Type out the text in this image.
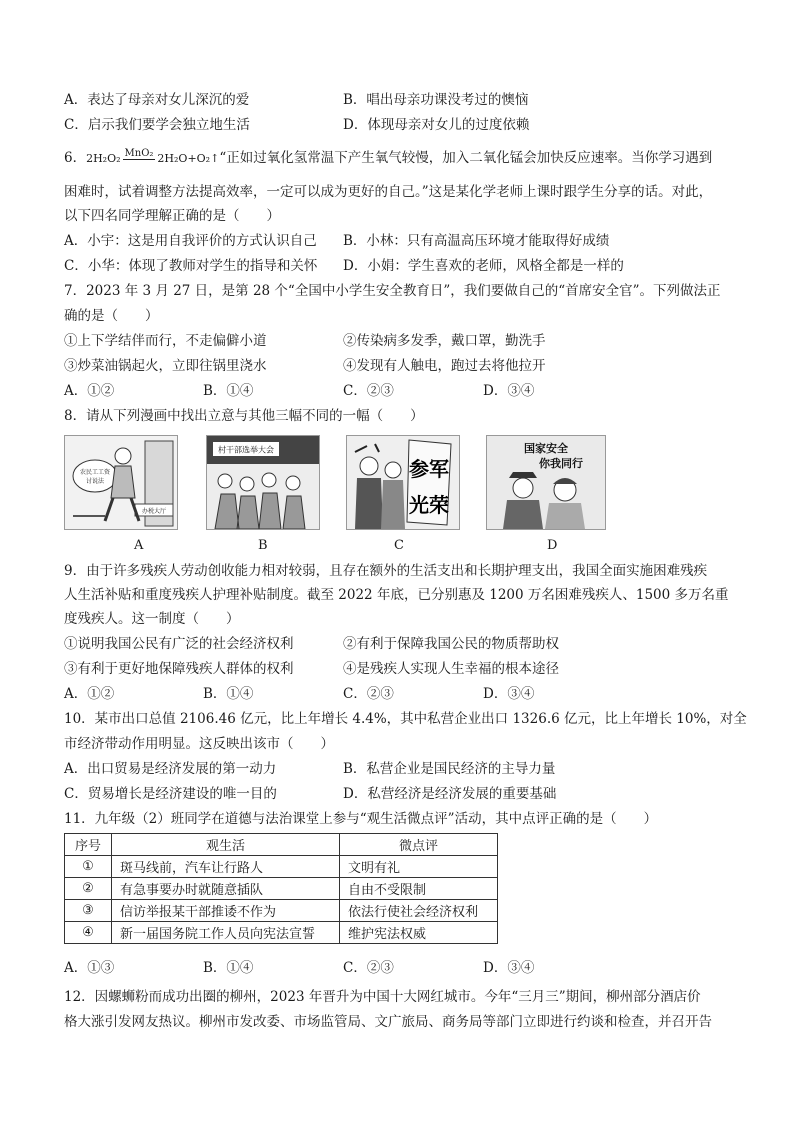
A．表达了母亲对女儿深沉的爱	B．唱出母亲功课没考过的懊恼
C．启示我们要学会独立地生活	D．体现母亲对女儿的过度依赖
6．2H₂O₂ MnO₂ 2H₂O+O₂↑“正如过氧化氢常温下产生氧气较慢，加入二氧化锰会加快反应速率。当你学习遇到
困难时，试着调整方法提高效率，一定可以成为更好的自己。”这是某化学老师上课时跟学生分享的话。对此，
以下四名同学理解正确的是（　　）
A．小宇：这是用自我评价的方式认识自己 B．小林：只有高温高压环境才能取得好成绩
C．小华：体现了教师对学生的指导和关怀 D．小娟：学生喜欢的老师，风格全都是一样的
7．2023 年 3 月 27 日，是第 28 个“全国中小学生安全教育日”，我们要做自己的“首席安全官”。下列做法正
确的是（　　）
①上下学结伴而行，不走偏僻小道	②传染病多发季，戴口罩，勤洗手
③炒菜油锅起火，立即往锅里浇水	④发现有人触电，跑过去将他拉开
A．①②	B．①④	C．②③	D．③④
8．请从下列漫画中找出立意与其他三幅不同的一幅（　　）
办税大厅
农民工工资
讨说法
村干部选举大会
参军
光荣
国家安全
你我同行
A	B	C	D
9．由于许多残疾人劳动创收能力相对较弱，且存在额外的生活支出和长期护理支出，我国全面实施困难残疾
人生活补贴和重度残疾人护理补贴制度。截至 2022 年底，已分别惠及 1200 万名困难残疾人、1500 多万名重
度残疾人。这一制度（　　）
①说明我国公民有广泛的社会经济权利	②有利于保障我国公民的物质帮助权
③有利于更好地保障残疾人群体的权利	④是残疾人实现人生幸福的根本途径
A．①②	B．①④	C．②③	D．③④
10．某市出口总值 2106.46 亿元，比上年增长 4.4%，其中私营企业出口 1326.6 亿元，比上年增长 10%，对全
市经济带动作用明显。这反映出该市（　　）
A．出口贸易是经济发展的第一动力	B．私营企业是国民经济的主导力量
C．贸易增长是经济建设的唯一目的	D．私营经济是经济发展的重要基础
11．九年级（2）班同学在道德与法治课堂上参与“观生活微点评”活动，其中点评正确的是（　　）
序号	观生活	微点评
①	斑马线前，汽车让行路人	文明有礼
②	有急事要办时就随意插队	自由不受限制
③	信访举报某干部推诿不作为	依法行使社会经济权利
④	新一届国务院工作人员向宪法宣誓	维护宪法权威
A．①③	B．①④	C．②③	D．③④
12．因螺蛳粉而成功出圈的柳州，2023 年晋升为中国十大网红城市。今年“三月三”期间，柳州部分酒店价
格大涨引发网友热议。柳州市发改委、市场监管局、文广旅局、商务局等部门立即进行约谈和检查，并召开告
